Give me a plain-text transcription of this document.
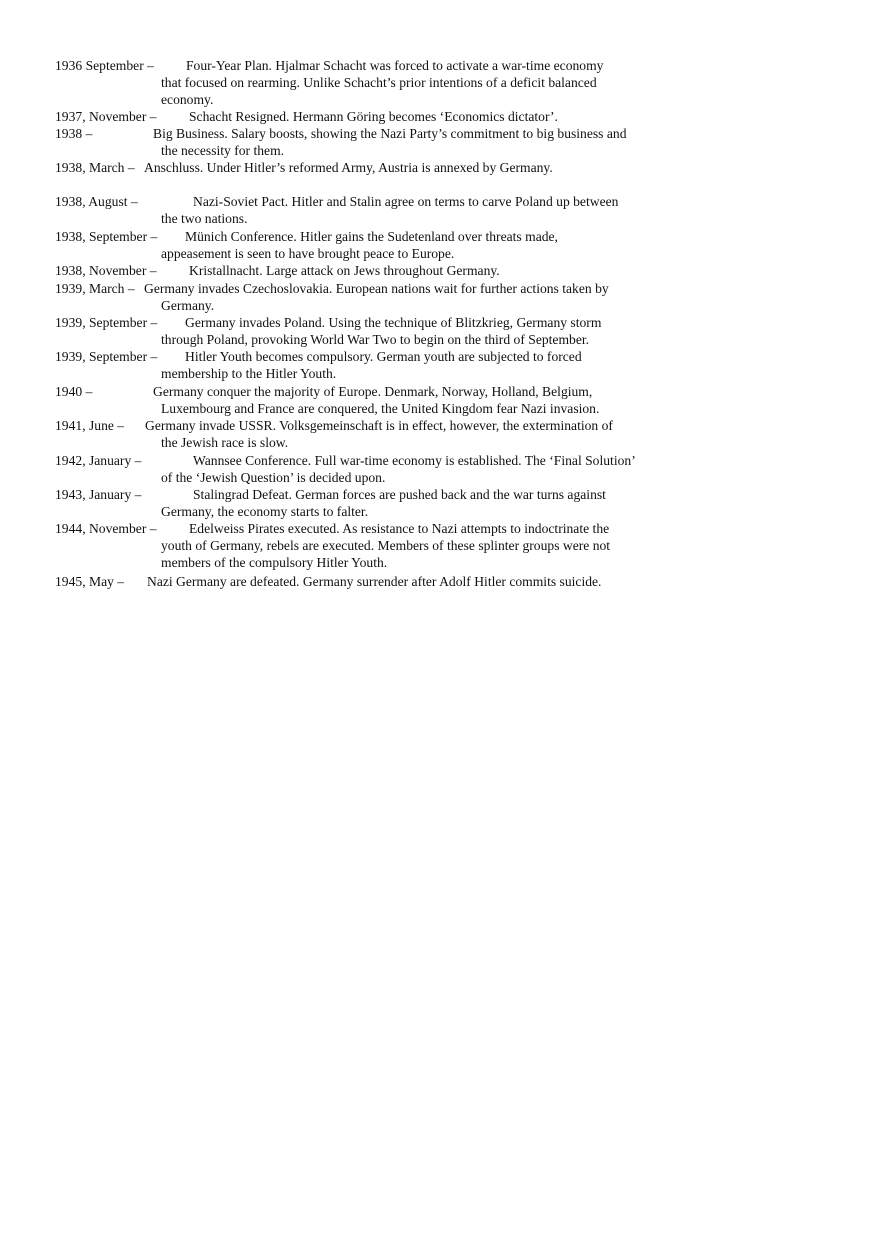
1936 September – Four-Year Plan. Hjalmar Schacht was forced to activate a war-time economy
that focused on rearming. Unlike Schacht’s prior intentions of a deficit balanced
economy.
1937, November – Schacht Resigned. Hermann Göring becomes ‘Economics dictator’.
1938 –	Big Business. Salary boosts, showing the Nazi Party’s commitment to big business and
the necessity for them.
1938, March – Anschluss. Under Hitler’s reformed Army, Austria is annexed by Germany.
1938, August –	Nazi-Soviet Pact. Hitler and Stalin agree on terms to carve Poland up between
the two nations.
1938, September – Münich Conference. Hitler gains the Sudetenland over threats made,
appeasement is seen to have brought peace to Europe.
1938, November – Kristallnacht. Large attack on Jews throughout Germany.
1939, March – Germany invades Czechoslovakia. European nations wait for further actions taken by
Germany.
1939, September – Germany invades Poland. Using the technique of Blitzkrieg, Germany storm
through Poland, provoking World War Two to begin on the third of September.
1939, September – Hitler Youth becomes compulsory. German youth are subjected to forced
membership to the Hitler Youth.
1940 –	Germany conquer the majority of Europe. Denmark, Norway, Holland, Belgium,
Luxembourg and France are conquered, the United Kingdom fear Nazi invasion.
1941, June – Germany invade USSR. Volksgemeinschaft is in effect, however, the extermination of
the Jewish race is slow.
1942, January –	Wannsee Conference. Full war-time economy is established. The ‘Final Solution’
of the ‘Jewish Question’ is decided upon.
1943, January –	Stalingrad Defeat. German forces are pushed back and the war turns against
Germany, the economy starts to falter.
1944, November – Edelweiss Pirates executed. As resistance to Nazi attempts to indoctrinate the
youth of Germany, rebels are executed. Members of these splinter groups were not
members of the compulsory Hitler Youth.
1945, May – Nazi Germany are defeated. Germany surrender after Adolf Hitler commits suicide.
